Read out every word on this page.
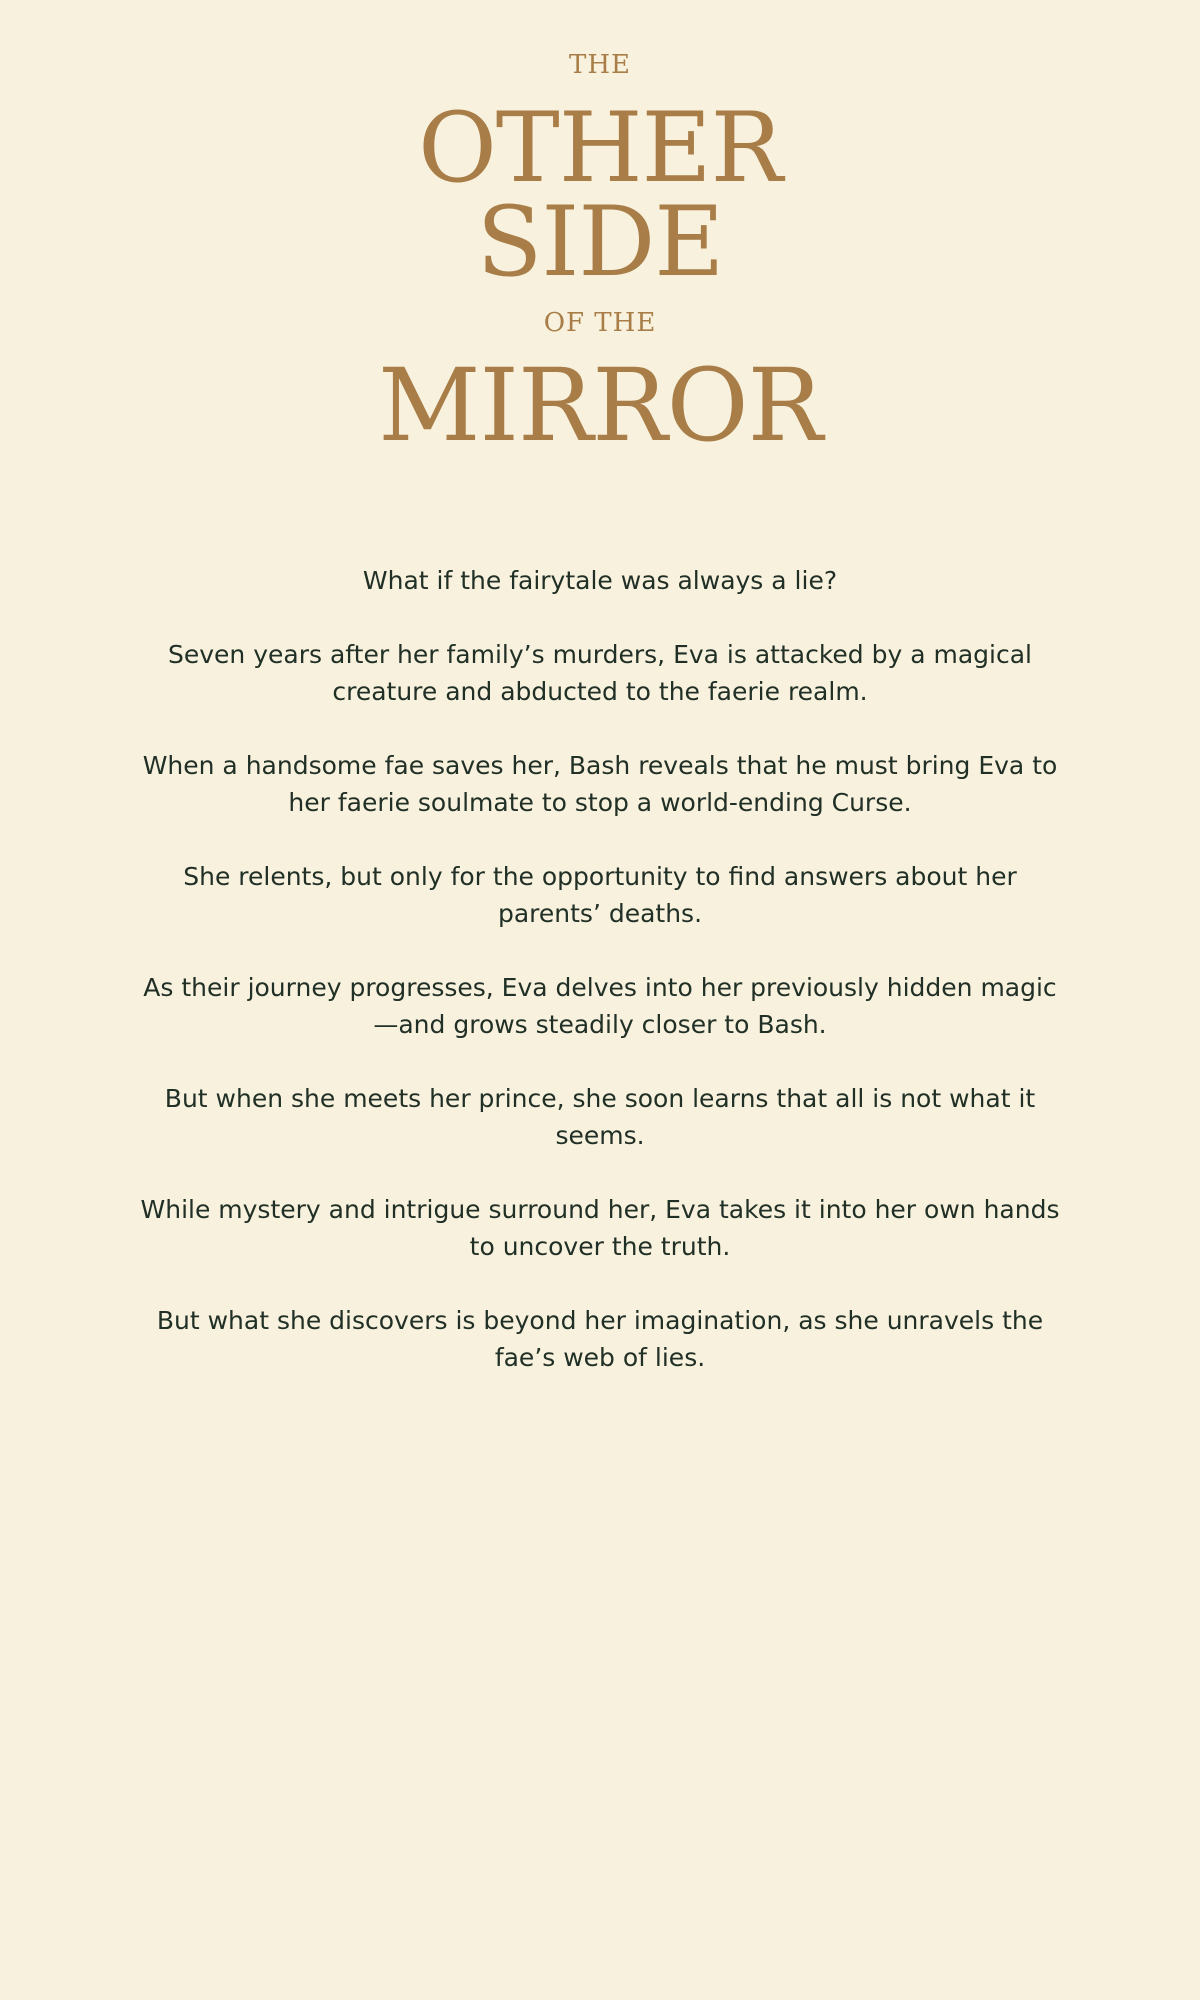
THE
OTHER
SIDE
OF THE
MIRROR

What if the fairytale was always a lie?

Seven years after her family’s murders, Eva is attacked by a magical creature and abducted to the faerie realm.

When a handsome fae saves her, Bash reveals that he must bring Eva to her faerie soulmate to stop a world-ending Curse.

She relents, but only for the opportunity to find answers about her parents’ deaths.

As their journey progresses, Eva delves into her previously hidden magic—and grows steadily closer to Bash.

But when she meets her prince, she soon learns that all is not what it seems.

While mystery and intrigue surround her, Eva takes it into her own hands to uncover the truth.

But what she discovers is beyond her imagination, as she unravels the fae’s web of lies.
